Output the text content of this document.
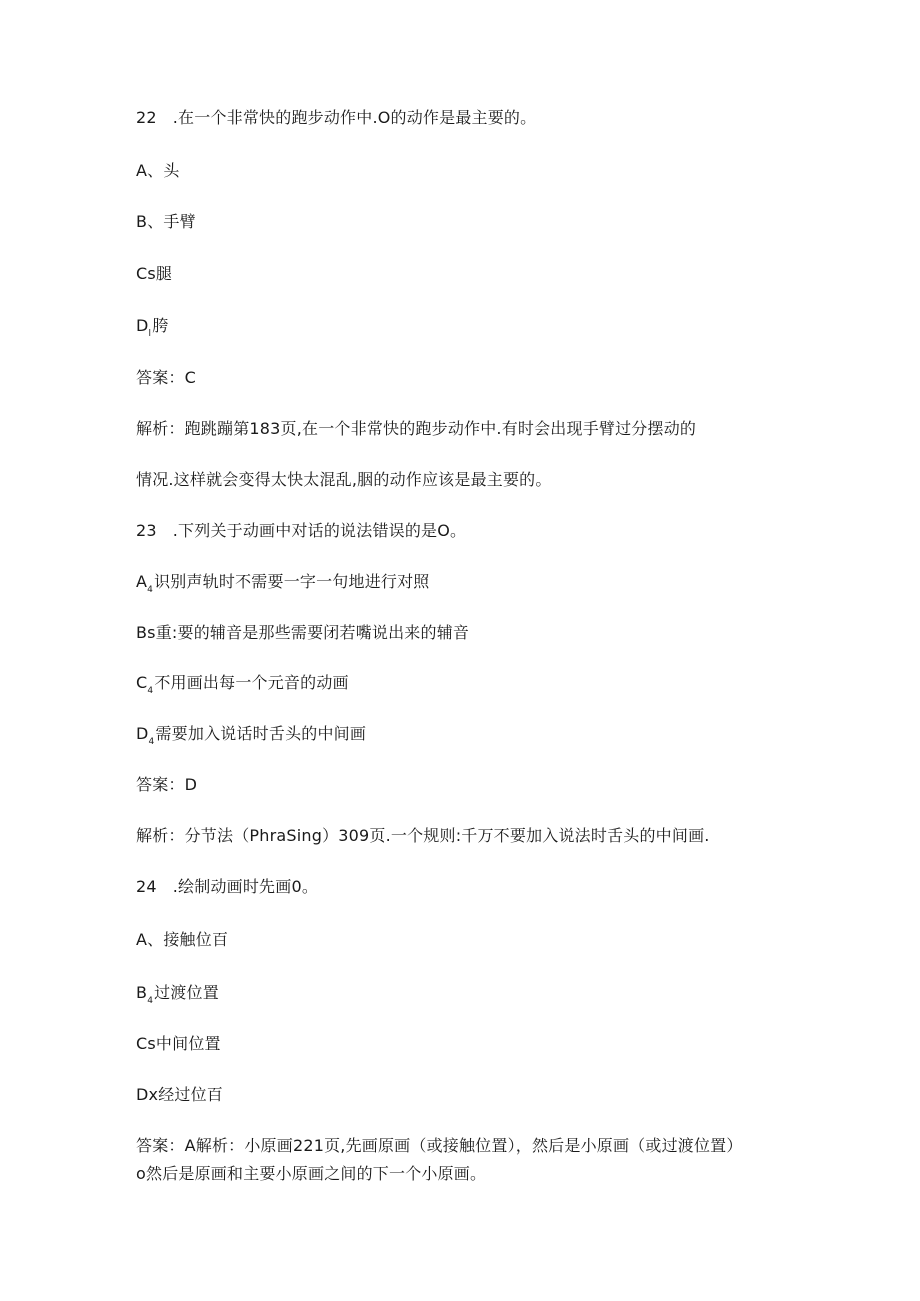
22 .在一个非常快的跑步动作中.O的动作是最主要的。
A、头
B、手臂
Cs腿
$D_l$胯
答案：C
解析：跑跳蹦第183页,在一个非常快的跑步动作中.有时会出现手臂过分摆动的
情况.这样就会变得太快太混乱,胭的动作应该是最主要的。
23 .下列关于动画中对话的说法错误的是O。
$A_4$识别声轨时不需要一字一句地进行对照
Bs重:要的辅音是那些需要闭若嘴说出来的辅音
$C_4$不用画出每一个元音的动画
$D_4$需要加入说话时舌头的中间画
答案：D
解析：分节法（PhraSing）309页.一个规则:千万不要加入说法时舌头的中间画.
24 .绘制动画时先画0。
A、接触位百
$B_4$过渡位置
Cs中间位置
Dx经过位百
答案：A解析：小原画221页,先画原画（或接触位置），然后是小原画（或过渡位置）
o然后是原画和主要小原画之间的下一个小原画。
